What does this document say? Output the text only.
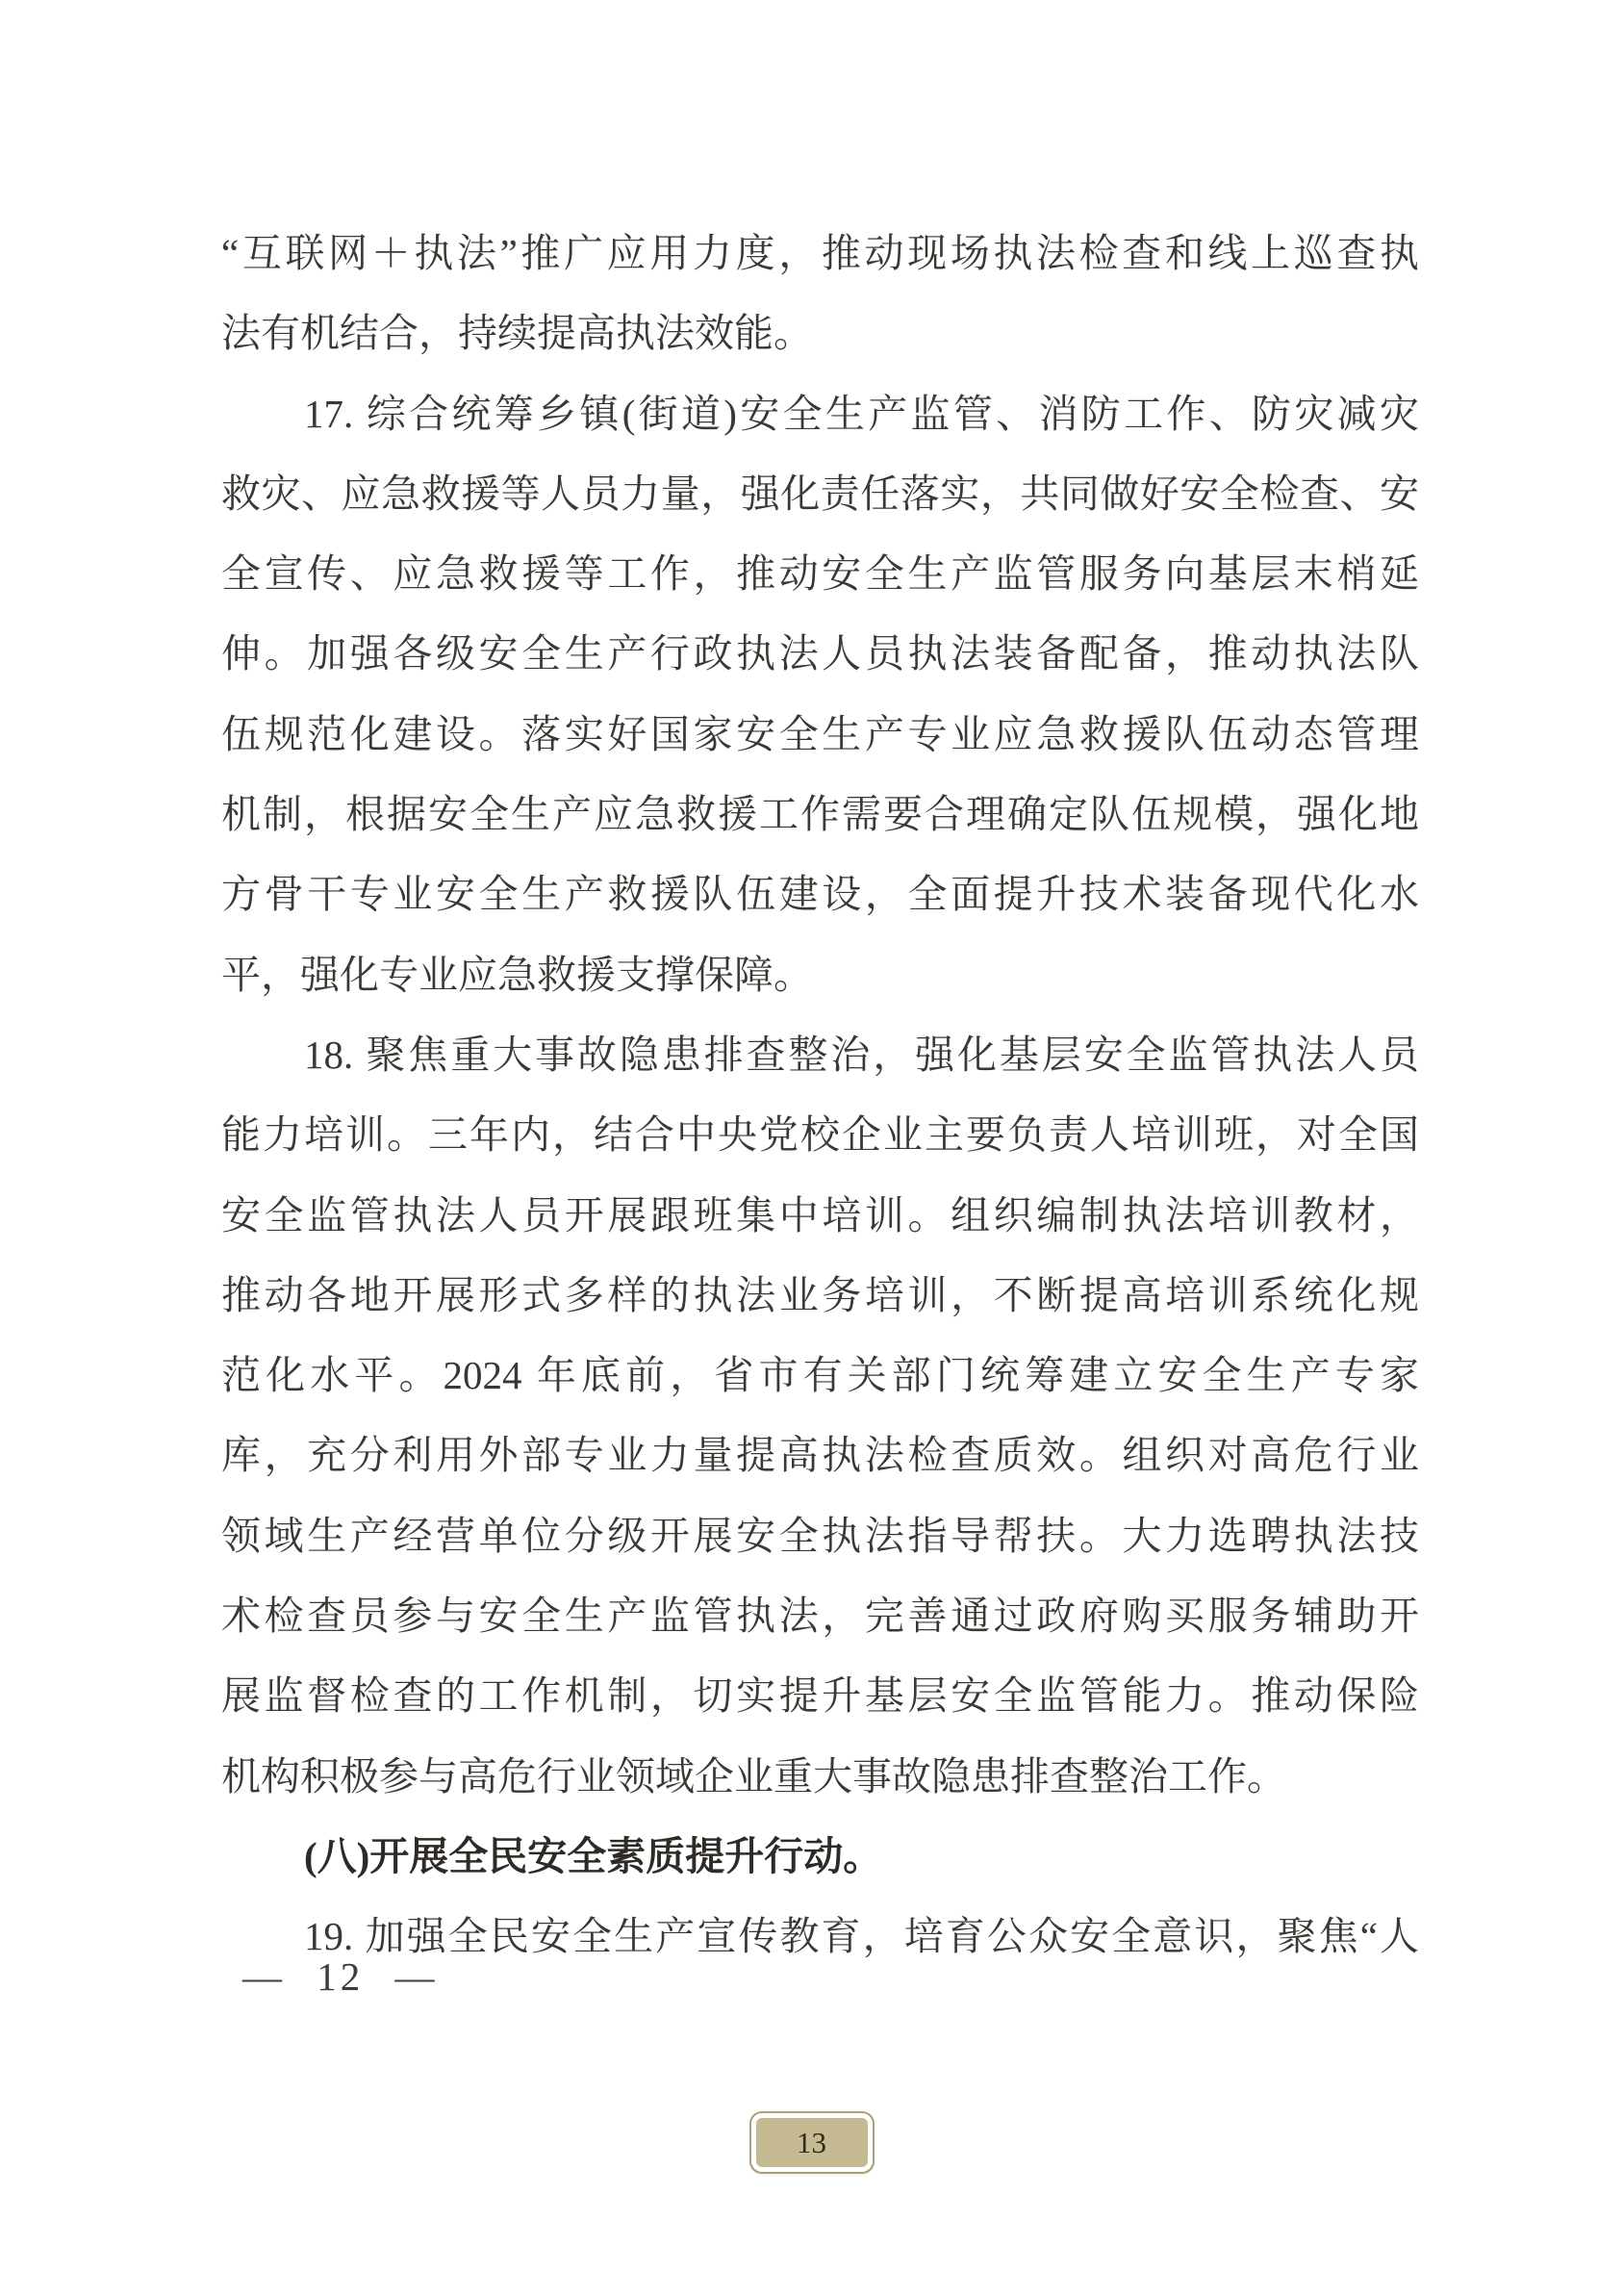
“互联网＋执法”推广应用力度，推动现场执法检查和线上巡查执
法有机结合，持续提高执法效能。
17. 综合统筹乡镇(街道)安全生产监管、消防工作、防灾减灾
救灾、应急救援等人员力量，强化责任落实，共同做好安全检查、安
全宣传、应急救援等工作，推动安全生产监管服务向基层末梢延
伸。加强各级安全生产行政执法人员执法装备配备，推动执法队
伍规范化建设。落实好国家安全生产专业应急救援队伍动态管理
机制，根据安全生产应急救援工作需要合理确定队伍规模，强化地
方骨干专业安全生产救援队伍建设，全面提升技术装备现代化水
平，强化专业应急救援支撑保障。
18. 聚焦重大事故隐患排查整治，强化基层安全监管执法人员
能力培训。三年内，结合中央党校企业主要负责人培训班，对全国
安全监管执法人员开展跟班集中培训。组织编制执法培训教材，
推动各地开展形式多样的执法业务培训，不断提高培训系统化规
范化水平。2024 年底前，省市有关部门统筹建立安全生产专家
库，充分利用外部专业力量提高执法检查质效。组织对高危行业
领域生产经营单位分级开展安全执法指导帮扶。大力选聘执法技
术检查员参与安全生产监管执法，完善通过政府购买服务辅助开
展监督检查的工作机制，切实提升基层安全监管能力。推动保险
机构积极参与高危行业领域企业重大事故隐患排查整治工作。
(八)开展全民安全素质提升行动。
19. 加强全民安全生产宣传教育，培育公众安全意识，聚焦“人
— 12 —
13
